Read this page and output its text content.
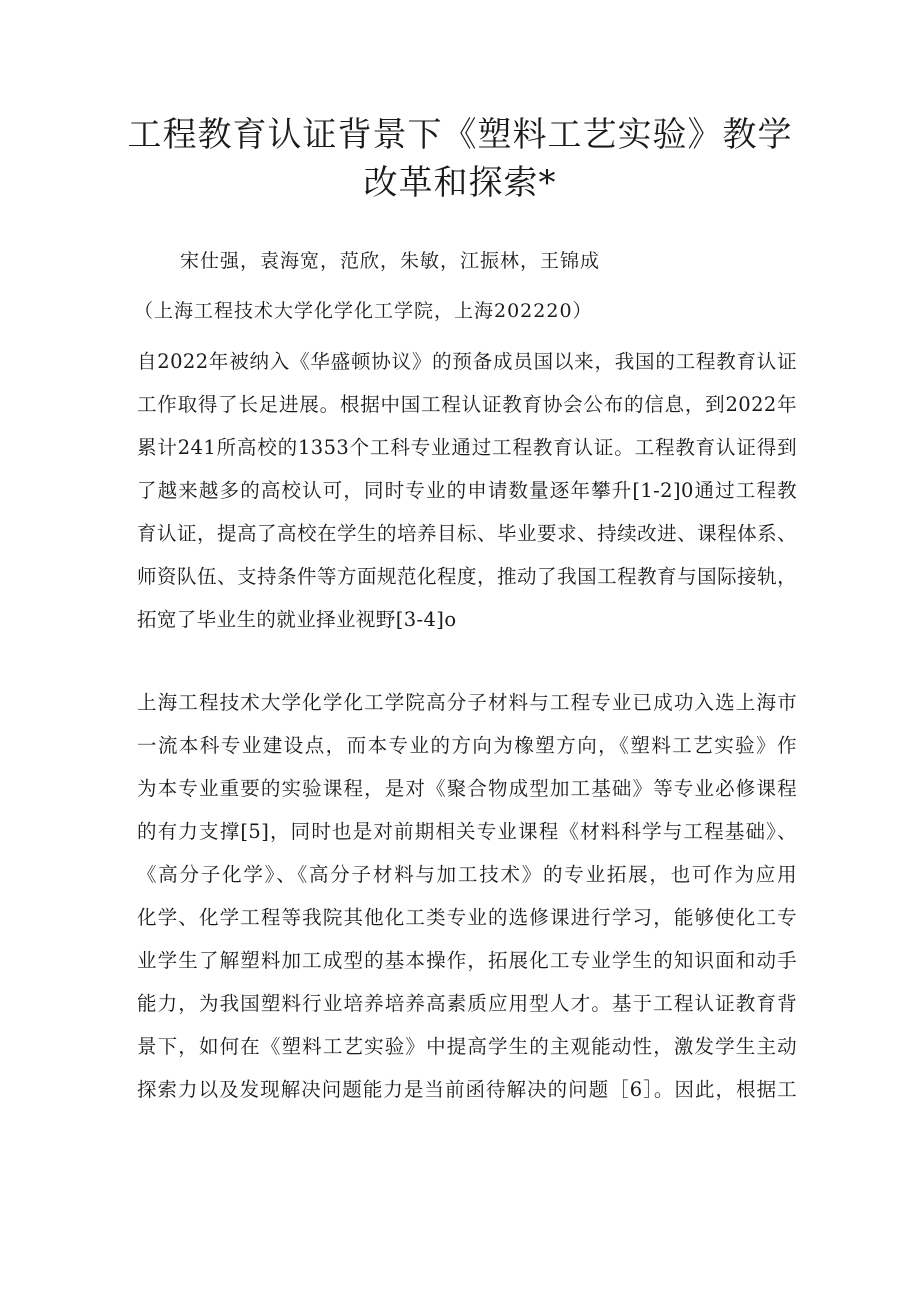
工程教育认证背景下《塑料工艺实验》教学
改革和探索*
宋仕强，袁海宽，范欣，朱敏，江振林，王锦成
（上海工程技术大学化学化工学院，上海202220）
自2022年被纳入《华盛顿协议》的预备成员国以来，我国的工程教育认证
工作取得了长足进展。根据中国工程认证教育协会公布的信息，到2022年
累计241所高校的1353个工科专业通过工程教育认证。工程教育认证得到
了越来越多的高校认可，同时专业的申请数量逐年攀升[1-2]0通过工程教
育认证，提高了高校在学生的培养目标、毕业要求、持续改进、课程体系、
师资队伍、支持条件等方面规范化程度，推动了我国工程教育与国际接轨，
拓宽了毕业生的就业择业视野[3-4]o
上海工程技术大学化学化工学院高分子材料与工程专业已成功入选上海市
一流本科专业建设点，而本专业的方向为橡塑方向，《塑料工艺实验》作
为本专业重要的实验课程，是对《聚合物成型加工基础》等专业必修课程
的有力支撑[5]，同时也是对前期相关专业课程《材料科学与工程基础》、
《高分子化学》、《高分子材料与加工技术》的专业拓展，也可作为应用
化学、化学工程等我院其他化工类专业的选修课进行学习，能够使化工专
业学生了解塑料加工成型的基本操作，拓展化工专业学生的知识面和动手
能力，为我国塑料行业培养培养高素质应用型人才。基于工程认证教育背
景下，如何在《塑料工艺实验》中提高学生的主观能动性，激发学生主动
探索力以及发现解决问题能力是当前函待解决的问题［6］。因此，根据工
